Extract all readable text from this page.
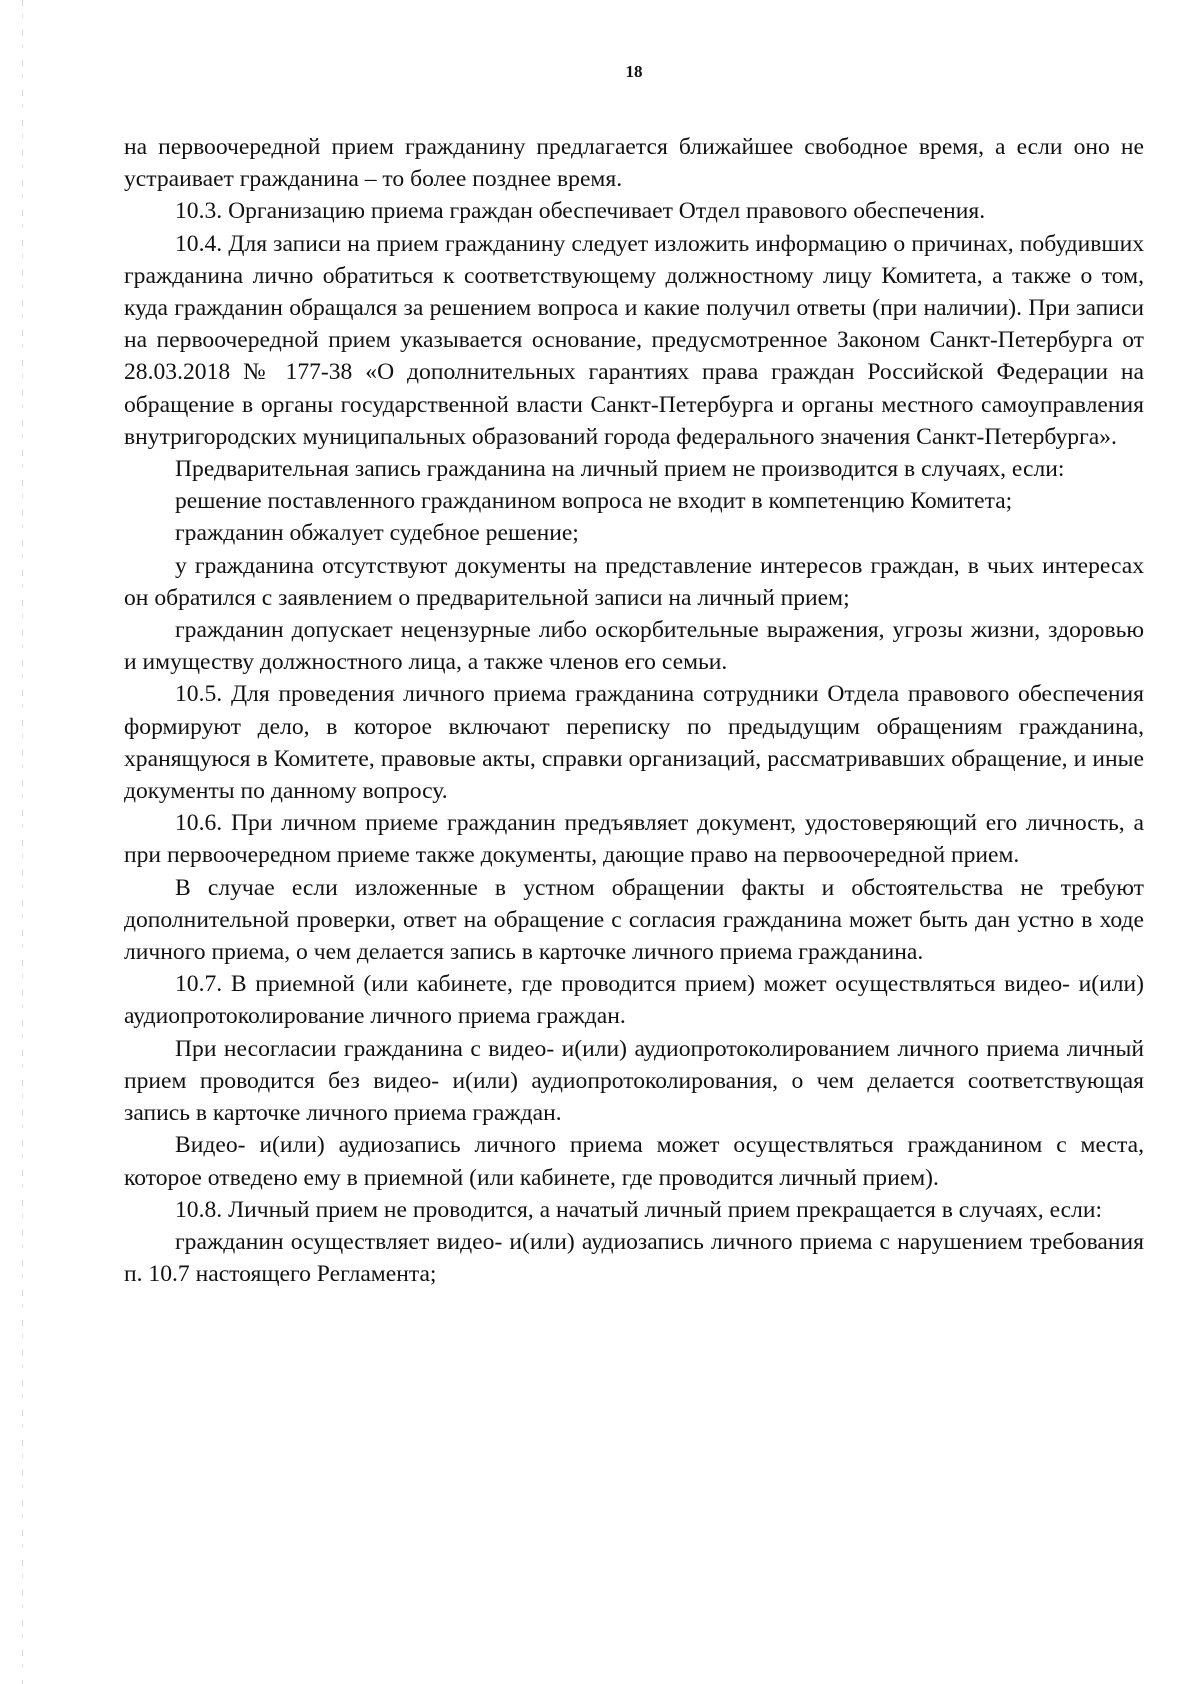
18

на первоочередной прием гражданину предлагается ближайшее свободное время, а если оно не устраивает гражданина – то более позднее время.

10.3. Организацию приема граждан обеспечивает Отдел правового обеспечения.

10.4. Для записи на прием гражданину следует изложить информацию о причинах, побудивших гражданина лично обратиться к соответствующему должностному лицу Комитета, а также о том, куда гражданин обращался за решением вопроса и какие получил ответы (при наличии). При записи на первоочередной прием указывается основание, предусмотренное Законом Санкт-Петербурга от 28.03.2018 № 177-38 «О дополнительных гарантиях права граждан Российской Федерации на обращение в органы государственной власти Санкт-Петербурга и органы местного самоуправления внутригородских муниципальных образований города федерального значения Санкт-Петербурга».

Предварительная запись гражданина на личный прием не производится в случаях, если:

решение поставленного гражданином вопроса не входит в компетенцию Комитета;

гражданин обжалует судебное решение;

у гражданина отсутствуют документы на представление интересов граждан, в чьих интересах он обратился с заявлением о предварительной записи на личный прием;

гражданин допускает нецензурные либо оскорбительные выражения, угрозы жизни, здоровью и имуществу должностного лица, а также членов его семьи.

10.5. Для проведения личного приема гражданина сотрудники Отдела правового обеспечения формируют дело, в которое включают переписку по предыдущим обращениям гражданина, хранящуюся в Комитете, правовые акты, справки организаций, рассматривавших обращение, и иные документы по данному вопросу.

10.6. При личном приеме гражданин предъявляет документ, удостоверяющий его личность, а при первоочередном приеме также документы, дающие право на первоочередной прием.

В случае если изложенные в устном обращении факты и обстоятельства не требуют дополнительной проверки, ответ на обращение с согласия гражданина может быть дан устно в ходе личного приема, о чем делается запись в карточке личного приема гражданина.

10.7. В приемной (или кабинете, где проводится прием) может осуществляться видео- и(или) аудиопротоколирование личного приема граждан.

При несогласии гражданина с видео- и(или) аудиопротоколированием личного приема личный прием проводится без видео- и(или) аудиопротоколирования, о чем делается соответствующая запись в карточке личного приема граждан.

Видео- и(или) аудиозапись личного приема может осуществляться гражданином с места, которое отведено ему в приемной (или кабинете, где проводится личный прием).

10.8. Личный прием не проводится, а начатый личный прием прекращается в случаях, если:

гражданин осуществляет видео- и(или) аудиозапись личного приема с нарушением требования п. 10.7 настоящего Регламента;
